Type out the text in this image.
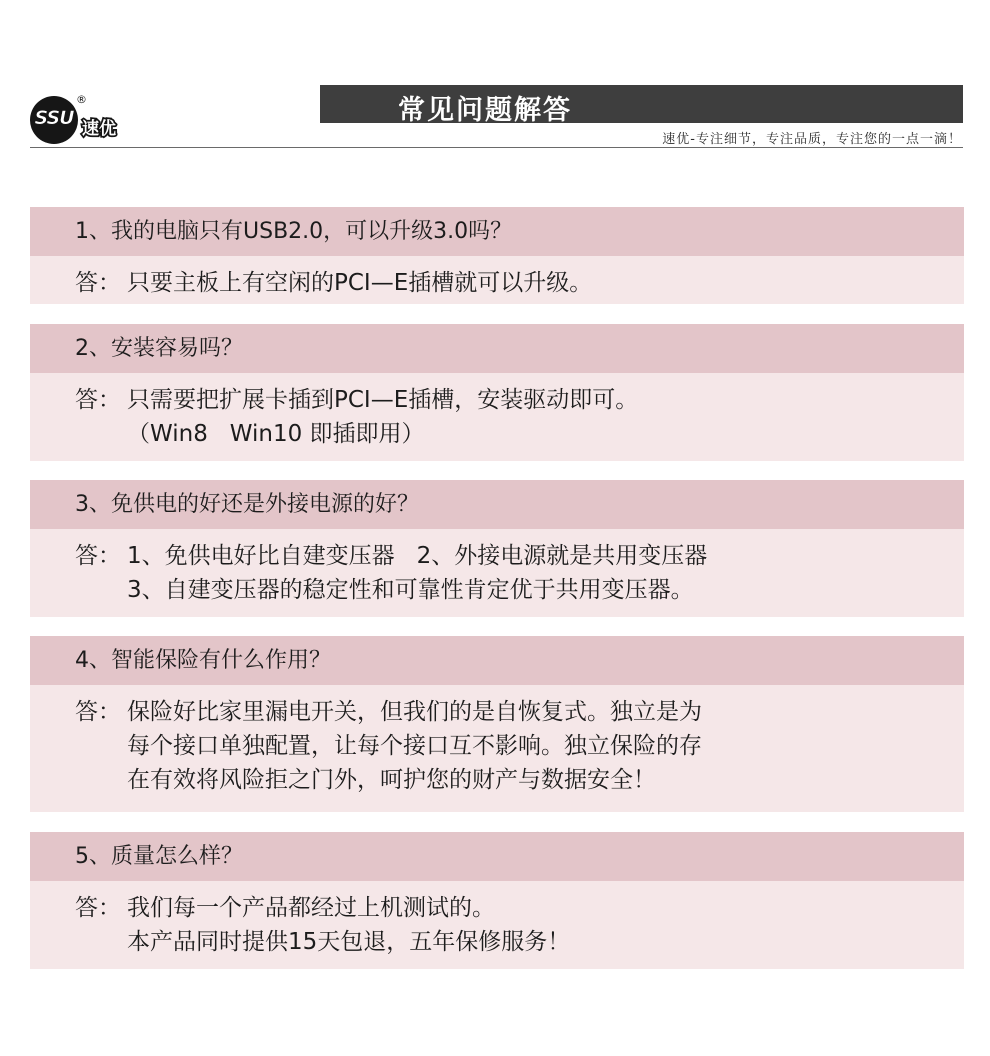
SSU
®
速优
常见问题解答
速优-专注细节，专注品质，专注您的一点一滴！
1、我的电脑只有USB2.0，可以升级3.0吗？
答： 只要主板上有空闲的PCI—E插槽就可以升级。
2、安装容易吗？
答： 只需要把扩展卡插到PCI—E插槽，安装驱动即可。
（Win8   Win10 即插即用）
3、免供电的好还是外接电源的好？
答： 1、免供电好比自建变压器   2、外接电源就是共用变压器
3、自建变压器的稳定性和可靠性肯定优于共用变压器。
4、智能保险有什么作用？
答： 保险好比家里漏电开关，但我们的是自恢复式。独立是为
每个接口单独配置，让每个接口互不影响。独立保险的存
在有效将风险拒之门外，呵护您的财产与数据安全！
5、质量怎么样？
答： 我们每一个产品都经过上机测试的。
本产品同时提供15天包退，五年保修服务！
